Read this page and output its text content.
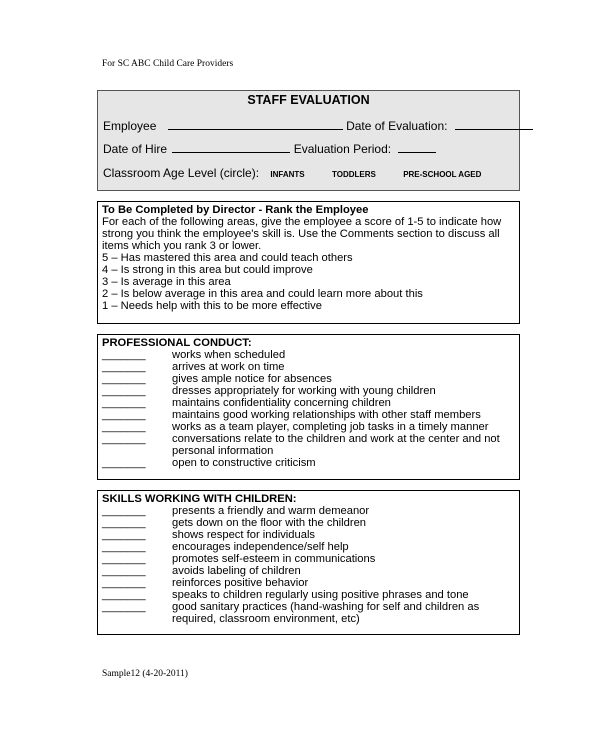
For SC ABC Child Care Providers
STAFF EVALUATION
Employee	Date of Evaluation:
Date of Hire	Evaluation Period:
Classroom Age Level (circle): INFANTS	TODDLERS	PRE-SCHOOL AGED
To Be Completed by Director - Rank the Employee
For each of the following areas, give the employee a score of 1-5 to indicate how strong you think the employee's skill is. Use the Comments section to discuss all items which you rank 3 or lower.
5 – Has mastered this area and could teach others
4 – Is strong in this area but could improve
3 – Is average in this area
2 – Is below average in this area and could learn more about this
1 – Needs help with this to be more effective
PROFESSIONAL CONDUCT:
_______ works when scheduled
_______ arrives at work on time
_______ gives ample notice for absences
_______ dresses appropriately for working with young children
_______ maintains confidentiality concerning children
_______ maintains good working relationships with other staff members
_______ works as a team player, completing job tasks in a timely manner
_______ conversations relate to the children and work at the center and not personal information
_______ open to constructive criticism
SKILLS WORKING WITH CHILDREN:
_______ presents a friendly and warm demeanor
_______ gets down on the floor with the children
_______ shows respect for individuals
_______ encourages independence/self help
_______ promotes self-esteem in communications
_______ avoids labeling of children
_______ reinforces positive behavior
_______ speaks to children regularly using positive phrases and tone
_______ good sanitary practices (hand-washing for self and children as required, classroom environment, etc)
Sample12 (4-20-2011)
